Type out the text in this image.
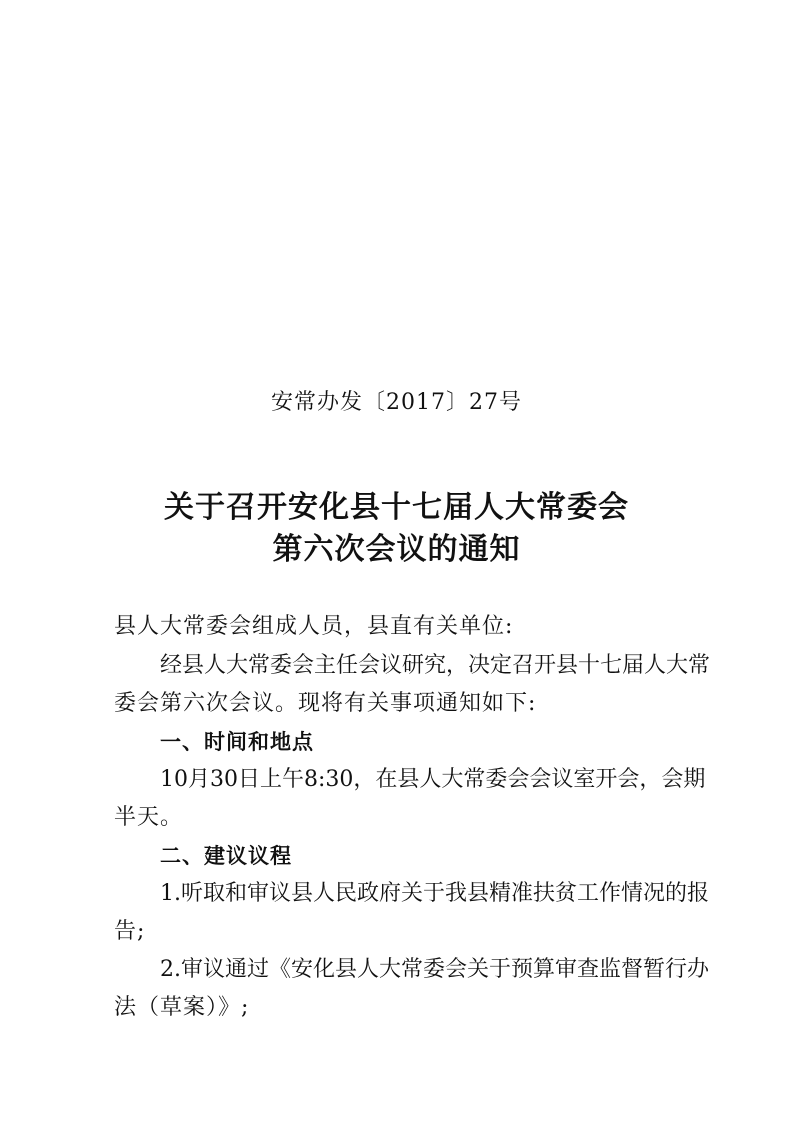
安常办发〔2017〕27号
关于召开安化县十七届人大常委会
第六次会议的通知
县人大常委会组成人员，县直有关单位:
经县人大常委会主任会议研究，决定召开县十七届人大常
委会第六次会议。现将有关事项通知如下:
一、时间和地点
10月30日上午8:30，在县人大常委会会议室开会，会期
半天。
二、建议议程
1.听取和审议县人民政府关于我县精准扶贫工作情况的报
告;
2.审议通过《安化县人大常委会关于预算审查监督暂行办
法（草案）》;
